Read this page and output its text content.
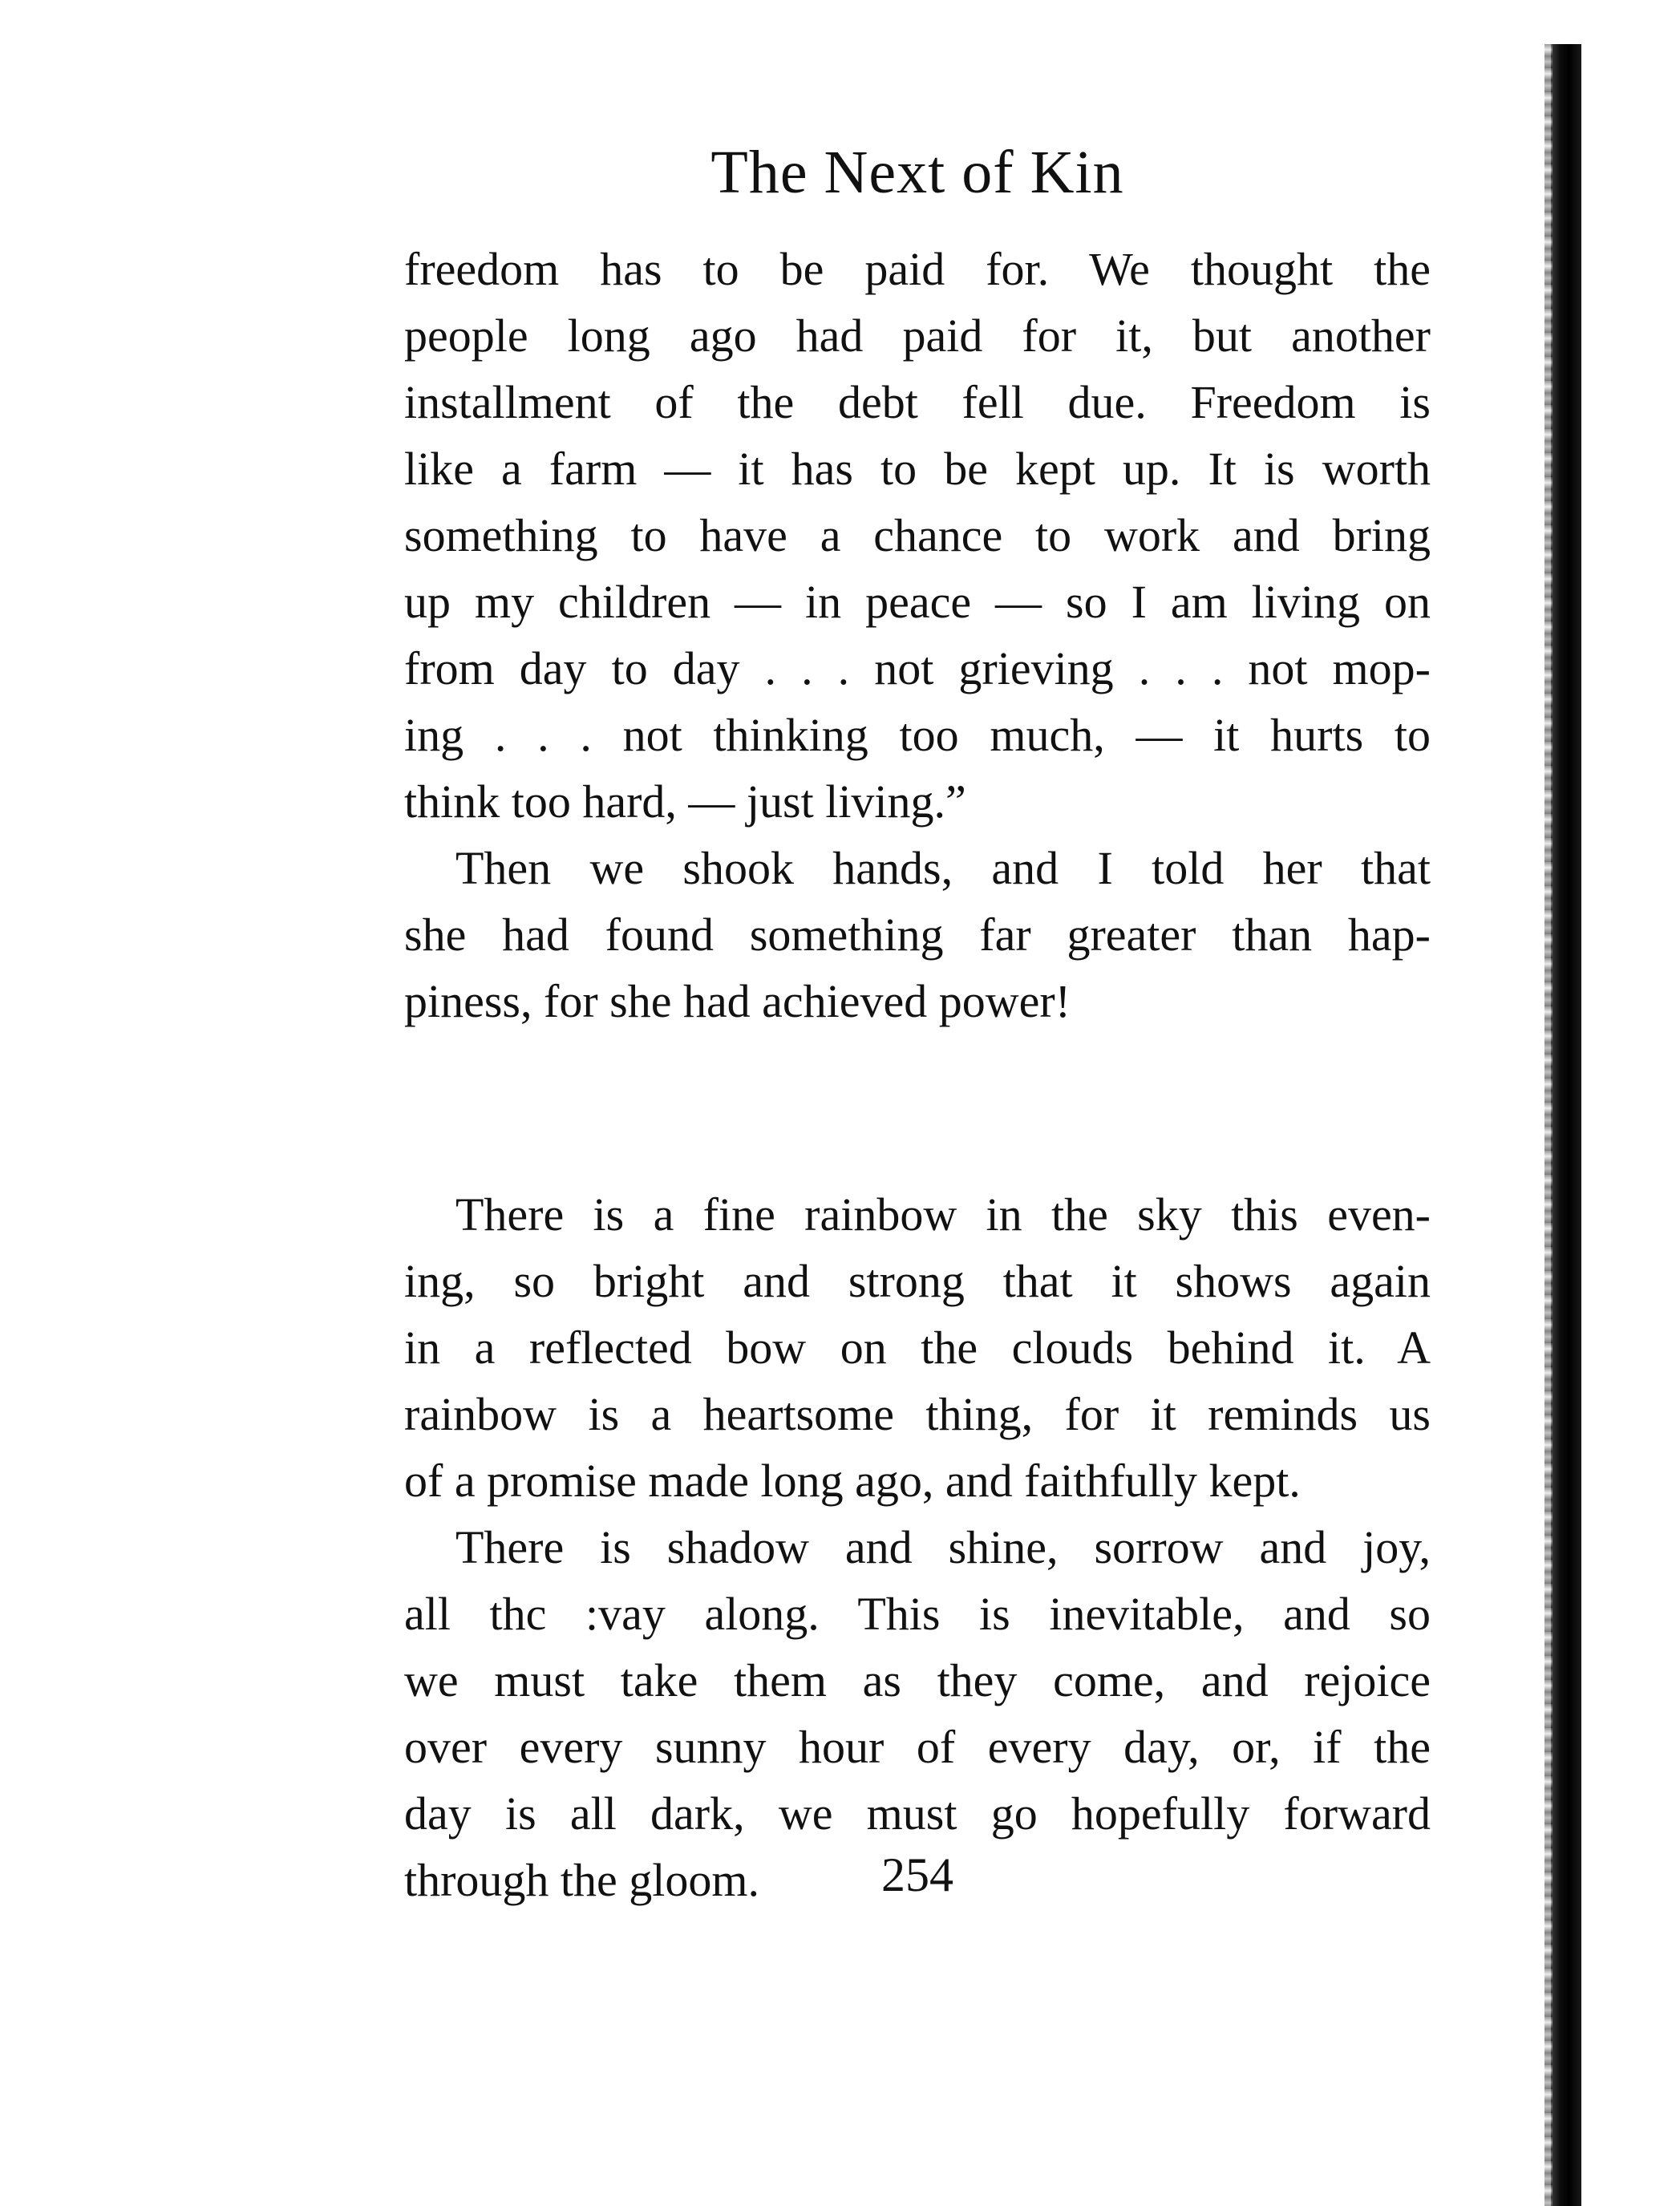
The Next of Kin
freedom has to be paid for. We thought the
people long ago had paid for it, but another
installment of the debt fell due. Freedom is
like a farm — it has to be kept up. It is worth
something to have a chance to work and bring
up my children — in peace — so I am living on
from day to day . . . not grieving . . . not mop-
ing . . . not thinking too much, — it hurts to
think too hard, — just living.”
Then we shook hands, and I told her that
she had found something far greater than hap-
piness, for she had achieved power!
There is a fine rainbow in the sky this even-
ing, so bright and strong that it shows again
in a reflected bow on the clouds behind it. A
rainbow is a heartsome thing, for it reminds us
of a promise made long ago, and faithfully kept.
There is shadow and shine, sorrow and joy,
all thc :vay along. This is inevitable, and so
we must take them as they come, and rejoice
over every sunny hour of every day, or, if the
day is all dark, we must go hopefully forward
through the gloom.	254
